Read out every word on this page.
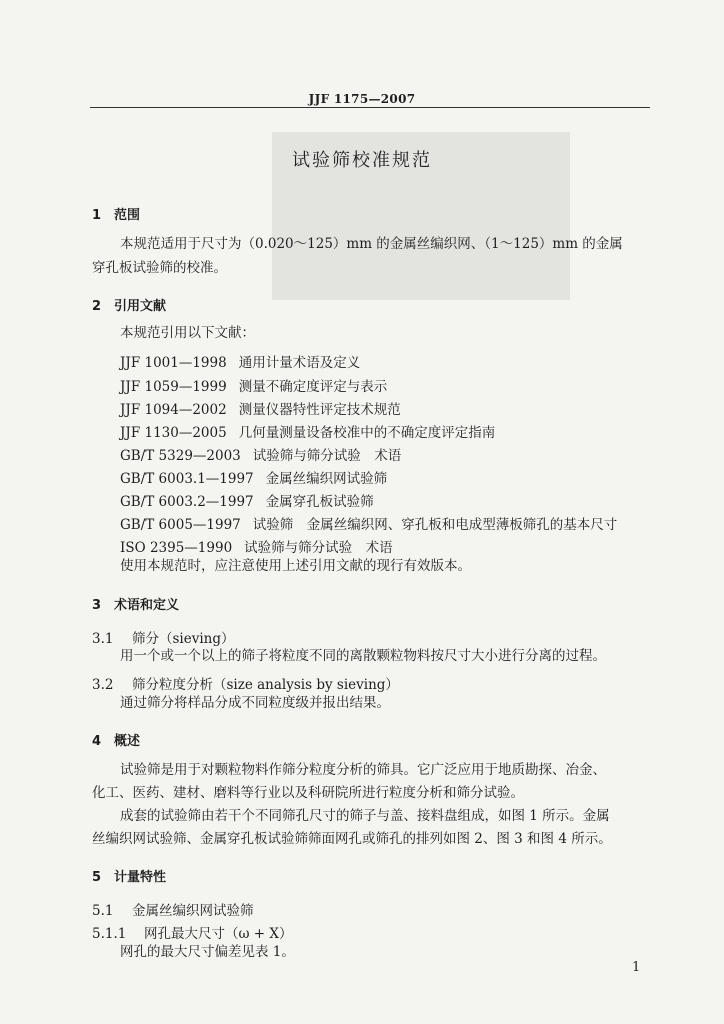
JJF 1175—2007
试验筛校准规范
1 范围
本规范适用于尺寸为（0.020～125）mm 的金属丝编织网、（1～125）mm 的金属
穿孔板试验筛的校准。
2 引用文献
本规范引用以下文献：
JJF 1001—1998 通用计量术语及定义
JJF 1059—1999 测量不确定度评定与表示
JJF 1094—2002 测量仪器特性评定技术规范
JJF 1130—2005 几何量测量设备校准中的不确定度评定指南
GB/T 5329—2003 试验筛与筛分试验　术语
GB/T 6003.1—1997 金属丝编织网试验筛
GB/T 6003.2—1997 金属穿孔板试验筛
GB/T 6005—1997 试验筛　金属丝编织网、穿孔板和电成型薄板筛孔的基本尺寸
ISO 2395—1990 试验筛与筛分试验　术语
使用本规范时，应注意使用上述引用文献的现行有效版本。
3 术语和定义
3.1 筛分（sieving）
用一个或一个以上的筛子将粒度不同的离散颗粒物料按尺寸大小进行分离的过程。
3.2 筛分粒度分析（size analysis by sieving）
通过筛分将样品分成不同粒度级并报出结果。
4 概述
试验筛是用于对颗粒物料作筛分粒度分析的筛具。它广泛应用于地质勘探、冶金、
化工、医药、建材、磨料等行业以及科研院所进行粒度分析和筛分试验。
成套的试验筛由若干个不同筛孔尺寸的筛子与盖、接料盘组成，如图 1 所示。金属
丝编织网试验筛、金属穿孔板试验筛筛面网孔或筛孔的排列如图 2、图 3 和图 4 所示。
5 计量特性
5.1 金属丝编织网试验筛
5.1.1 网孔最大尺寸（ω + X）
网孔的最大尺寸偏差见表 1。
1
